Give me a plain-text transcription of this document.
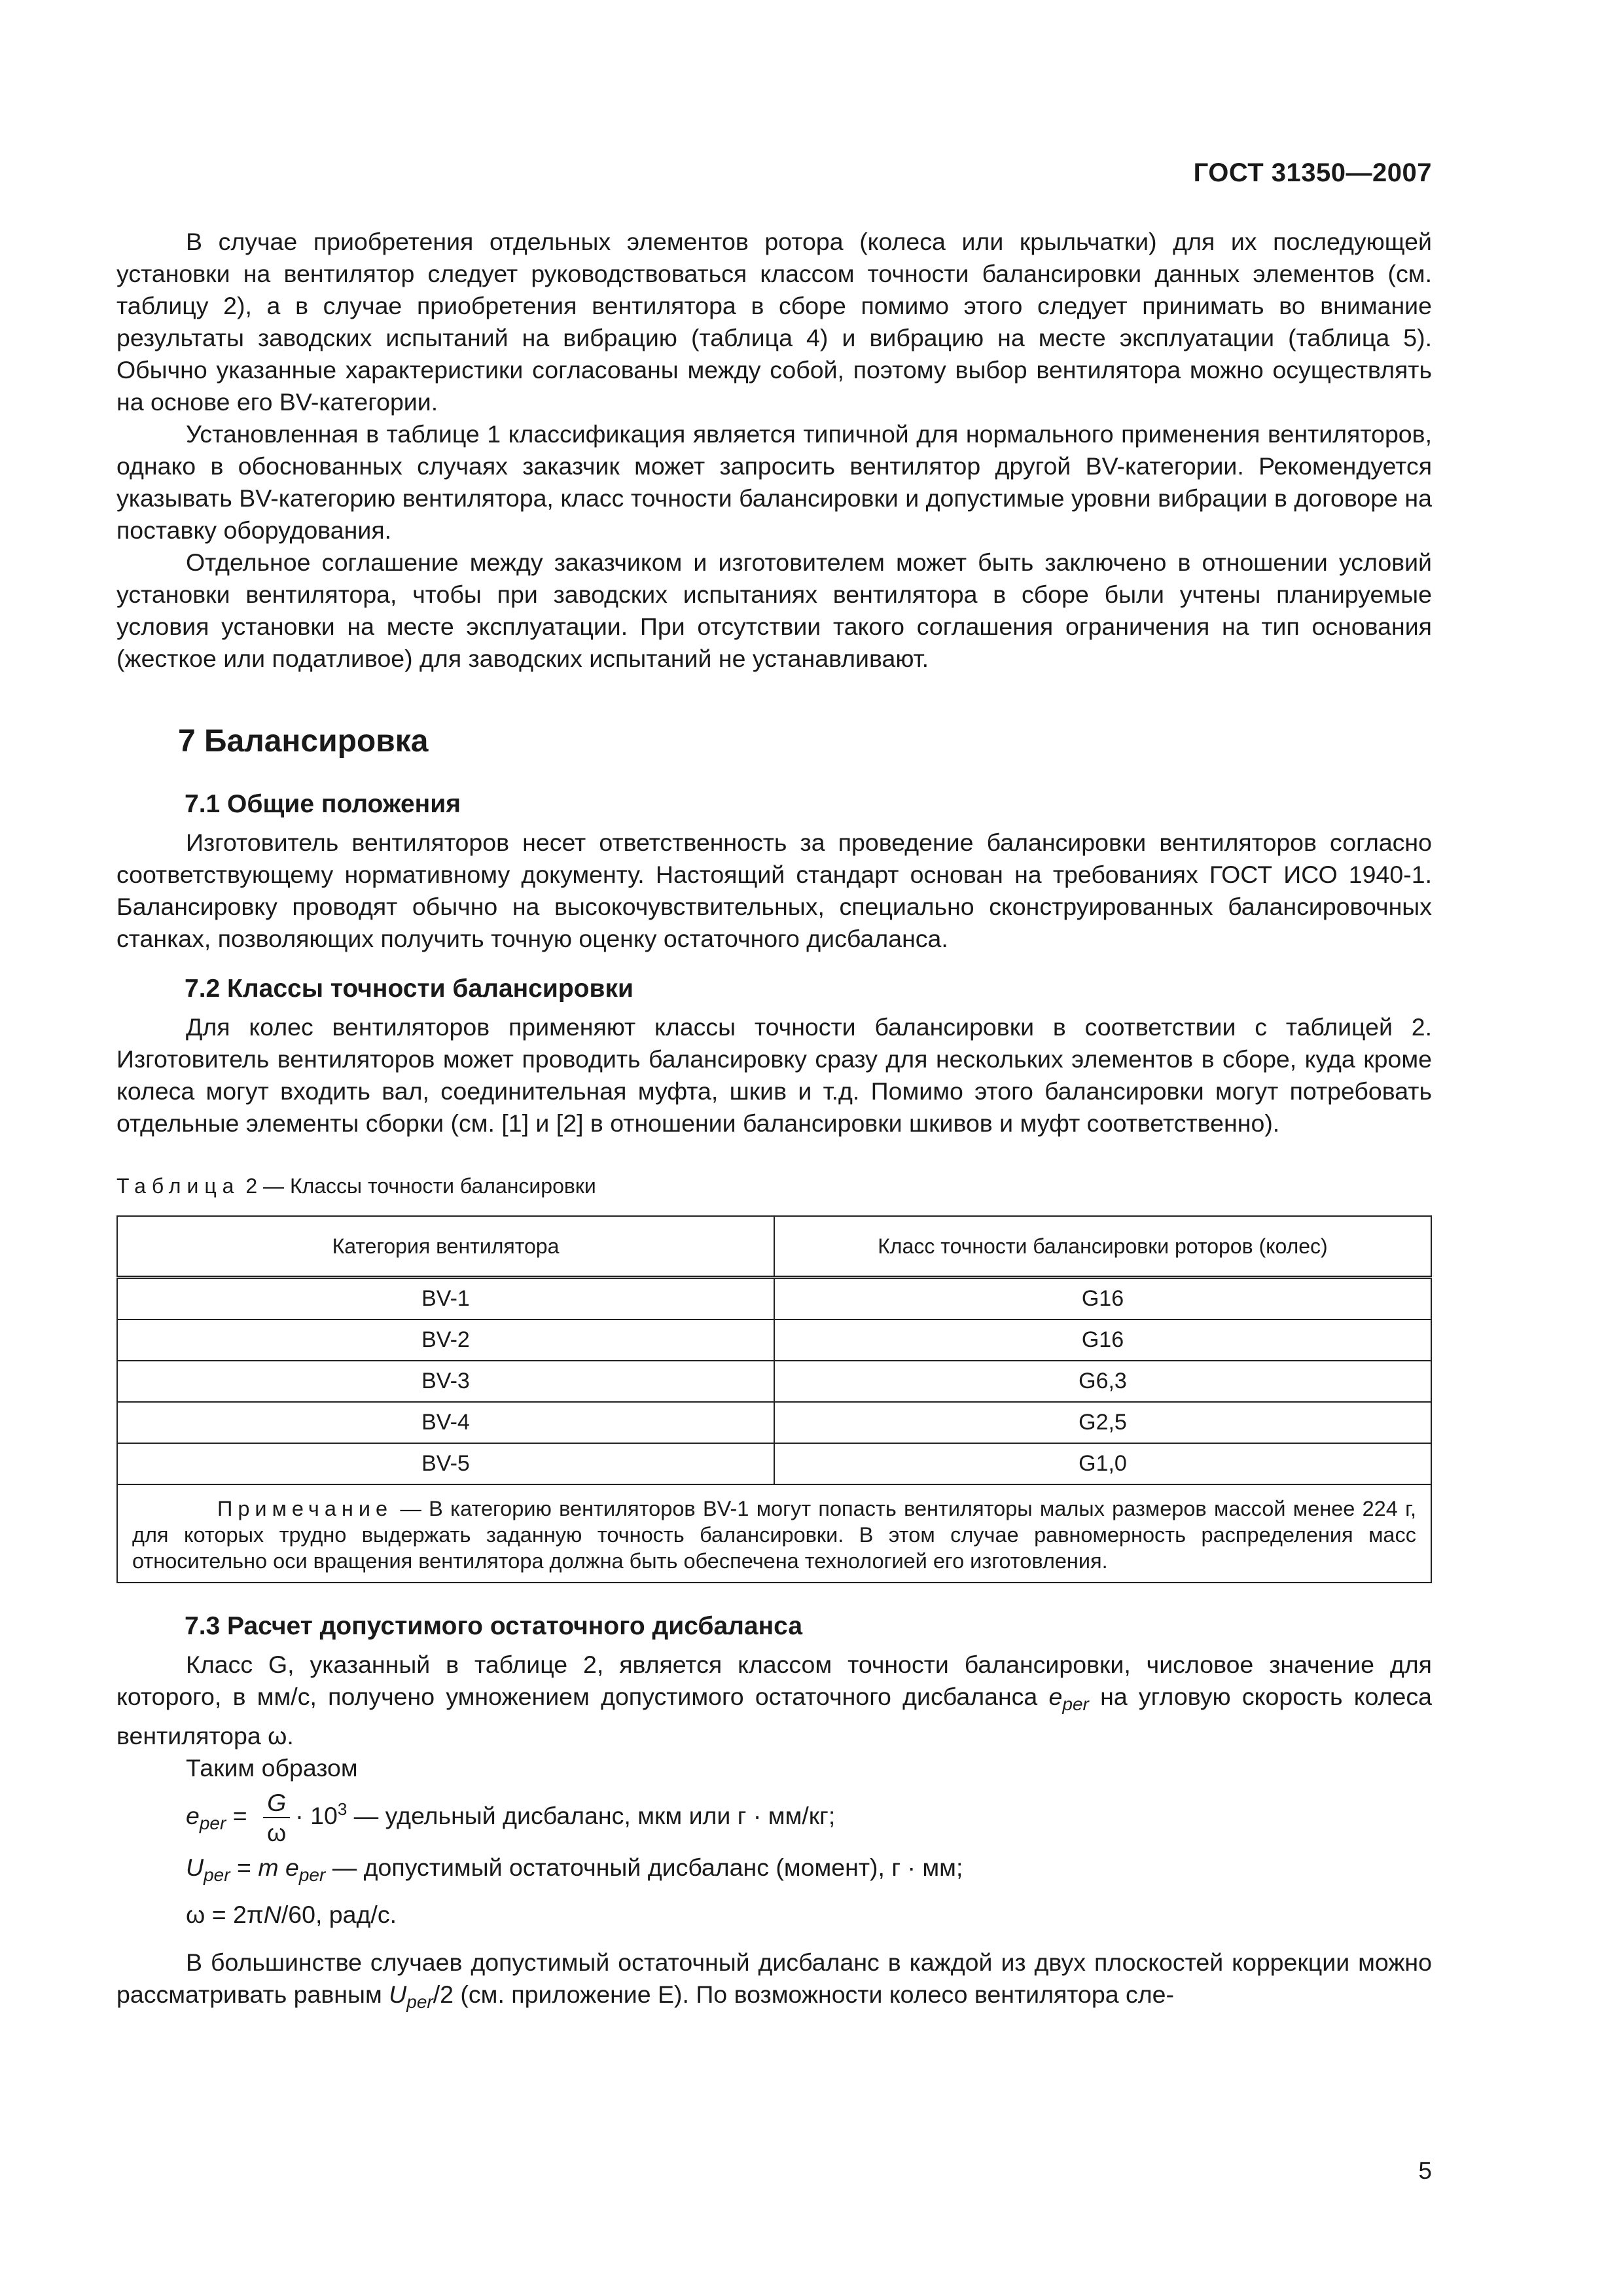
ГОСТ 31350—2007

В случае приобретения отдельных элементов ротора (колеса или крыльчатки) для их последующей установки на вентилятор следует руководствоваться классом точности балансировки данных элементов (см. таблицу 2), а в случае приобретения вентилятора в сборе помимо этого следует принимать во внимание результаты заводских испытаний на вибрацию (таблица 4) и вибрацию на месте эксплуатации (таблица 5). Обычно указанные характеристики согласованы между собой, поэтому выбор вентилятора можно осуществлять на основе его BV-категории.

Установленная в таблице 1 классификация является типичной для нормального применения вентиляторов, однако в обоснованных случаях заказчик может запросить вентилятор другой BV-категории. Рекомендуется указывать BV-категорию вентилятора, класс точности балансировки и допустимые уровни вибрации в договоре на поставку оборудования.

Отдельное соглашение между заказчиком и изготовителем может быть заключено в отношении условий установки вентилятора, чтобы при заводских испытаниях вентилятора в сборе были учтены планируемые условия установки на месте эксплуатации. При отсутствии такого соглашения ограничения на тип основания (жесткое или податливое) для заводских испытаний не устанавливают.

7 Балансировка
7.1 Общие положения

Изготовитель вентиляторов несет ответственность за проведение балансировки вентиляторов согласно соответствующему нормативному документу. Настоящий стандарт основан на требованиях ГОСТ ИСО 1940-1. Балансировку проводят обычно на высокочувствительных, специально сконструированных балансировочных станках, позволяющих получить точную оценку остаточного дисбаланса.

7.2 Классы точности балансировки

Для колес вентиляторов применяют классы точности балансировки в соответствии с таблицей 2. Изготовитель вентиляторов может проводить балансировку сразу для нескольких элементов в сборе, куда кроме колеса могут входить вал, соединительная муфта, шкив и т.д. Помимо этого балансировки могут потребовать отдельные элементы сборки (см. [1] и [2] в отношении балансировки шкивов и муфт соответственно).

Таблица 2 — Классы точности балансировки
Категория вентилятора	Класс точности балансировки роторов (колес)
BV-1	G16
BV-2	G16
BV-3	G6,3
BV-4	G2,5
BV-5	G1,0
Примечание — В категорию вентиляторов BV-1 могут попасть вентиляторы малых размеров массой менее 224 г, для которых трудно выдержать заданную точность балансировки. В этом случае равномерность распределения масс относительно оси вращения вентилятора должна быть обеспечена технологией его изготовления.	
7.3 Расчет допустимого остаточного дисбаланса

Класс G, указанный в таблице 2, является классом точности балансировки, числовое значение для которого, в мм/с, получено умножением допустимого остаточного дисбаланса $e_{per}$ на угловую скорость колеса вентилятора ω.

Таким образом

$e_{per} = \frac{G}{\omega} \cdot 10^3$ — удельный дисбаланс, мкм или г · мм/кг;
$U_{per} = m$ $e_{per}$ — допустимый остаточный дисбаланс (момент), г · мм;
ω = 2πN/60, рад/с.

В большинстве случаев допустимый остаточный дисбаланс в каждой из двух плоскостей коррекции можно рассматривать равным $U_{per}/2$ (см. приложение Е). По возможности колесо вентилятора сле-

5
